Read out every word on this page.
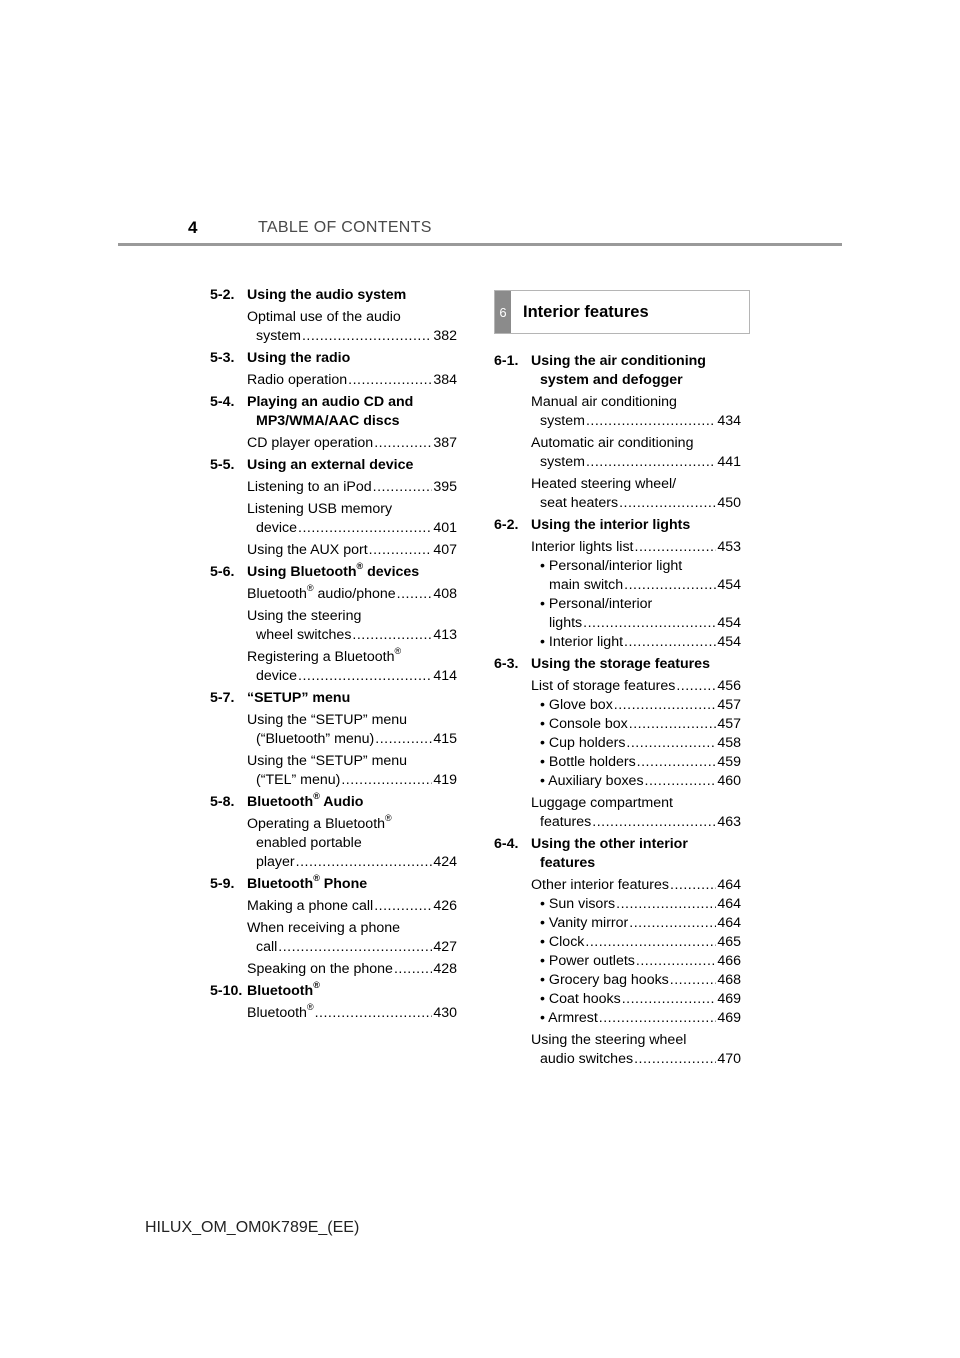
4	TABLE OF CONTENTS
5-2. Using the audio system
Optimal use of the audio
system .....	382
5-3. Using the radio
Radio operation .....	384
5-4. Playing an audio CD and MP3/WMA/AAC discs
CD player operation .....	387
5-5. Using an external device
Listening to an iPod .....	395
Listening USB memory
device .....	401
Using the AUX port .....	407
5-6. Using Bluetooth® devices
Bluetooth® audio/phone .....	408
Using the steering
wheel switches .....	413
Registering a Bluetooth®
device .....	414
5-7. “SETUP” menu
Using the “SETUP” menu
(“Bluetooth” menu) .....	415
Using the “SETUP” menu
(“TEL” menu) .....	419
5-8. Bluetooth® Audio
Operating a Bluetooth®
enabled portable
player .....	424
5-9. Bluetooth® Phone
Making a phone call .....	426
When receiving a phone
call .....	427
Speaking on the phone .....	428
5-10. Bluetooth®
Bluetooth® .....	430
6 Interior features
6-1. Using the air conditioning system and defogger
Manual air conditioning
system .....	434
Automatic air conditioning
system .....	441
Heated steering wheel/
seat heaters .....	450
6-2. Using the interior lights
Interior lights list .....	453
• Personal/interior light
main switch .....	454
• Personal/interior
lights .....	454
• Interior light .....	454
6-3. Using the storage features
List of storage features .....	456
• Glove box .....	457
• Console box .....	457
• Cup holders .....	458
• Bottle holders .....	459
• Auxiliary boxes .....	460
Luggage compartment
features .....	463
6-4. Using the other interior features
Other interior features .....	464
• Sun visors .....	464
• Vanity mirror .....	464
• Clock .....	465
• Power outlets .....	466
• Grocery bag hooks .....	468
• Coat hooks .....	469
• Armrest .....	469
Using the steering wheel
audio switches .....	470
HILUX_OM_OM0K789E_(EE)
